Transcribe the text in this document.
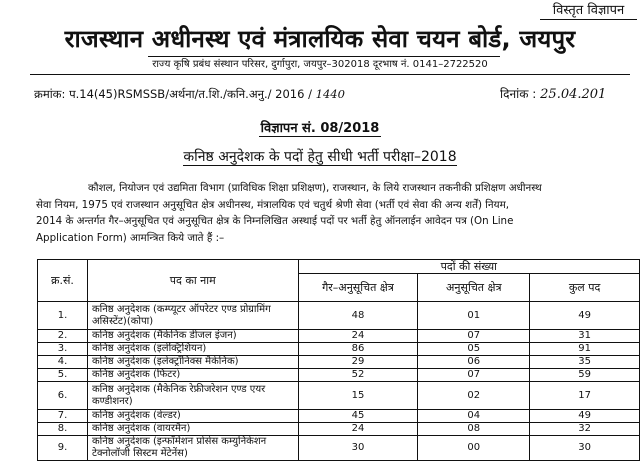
विस्तृत विज्ञापन
राजस्थान अधीनस्थ एवं मंत्रालयिक सेवा चयन बोर्ड, जयपुर
राज्य कृषि प्रबंध संस्थान परिसर, दुर्गापुरा, जयपुर–302018 दूरभाष नं. 0141–2722520
क्रमांक: प.14(45)RSMSSB/अर्थना/त.शि./कनि.अनु./ 2016 / 1440	दिनांक : 25.04.201
विज्ञापन सं. 08/2018
कनिष्ठ अनुदेशक के पदों हेतु सीधी भर्ती परीक्षा–2018
कौशल, नियोजन एवं उद्यमिता विभाग (प्राविधिक शिक्षा प्रशिक्षण), राजस्थान, के लिये राजस्थान तकनीकी प्रशिक्षण अधीनस्थ
सेवा नियम, 1975 एवं राजस्थान अनुसूचित क्षेत्र अधीनस्थ, मंत्रालयिक एवं चतुर्थ श्रेणी सेवा (भर्ती एवं सेवा की अन्य शर्तें) नियम,
2014 के अन्तर्गत गैर–अनुसूचित एवं अनुसूचित क्षेत्र के निम्नलिखित अस्थाई पदों पर भर्ती हेतु ऑनलाईन आवेदन पत्र (On Line
Application Form) आमन्त्रित किये जाते हैं :–
क्र.सं.	पद का नाम	पदों की संख्या		
		गैर–अनुसूचित क्षेत्र	अनुसूचित क्षेत्र	कुल पद
1.	कनिष्ठ अनुदेशक (कम्प्यूटर ऑपरेटर एण्ड प्रोग्रामिंग असिस्टेंट)(कोपा)	48	01	49
2.	कनिष्ठ अनुदेशक (मैकेनिक डीजल इंजन)	24	07	31
3.	कनिष्ठ अनुदेशक (इलेक्ट्रिशियन)	86	05	91
4.	कनिष्ठ अनुदेशक (इलेक्ट्रॉनिक्स मैकेनिक)	29	06	35
5.	कनिष्ठ अनुदेशक (फिटर)	52	07	59
6.	कनिष्ठ अनुदेशक (मैकेनिक रेफ्रीजरेशन एण्ड एयर कण्डीशनर)	15	02	17
7.	कनिष्ठ अनुदेशक (वेल्डर)	45	04	49
8.	कनिष्ठ अनुदेशक (वायरमैन)	24	08	32
9.	कनिष्ठ अनुदेशक (इन्फॉर्मेशन प्रोसेस कम्युनिकेशन टेक्नोलॉजी सिस्टम मेंटेनेंस)	30	00	30
